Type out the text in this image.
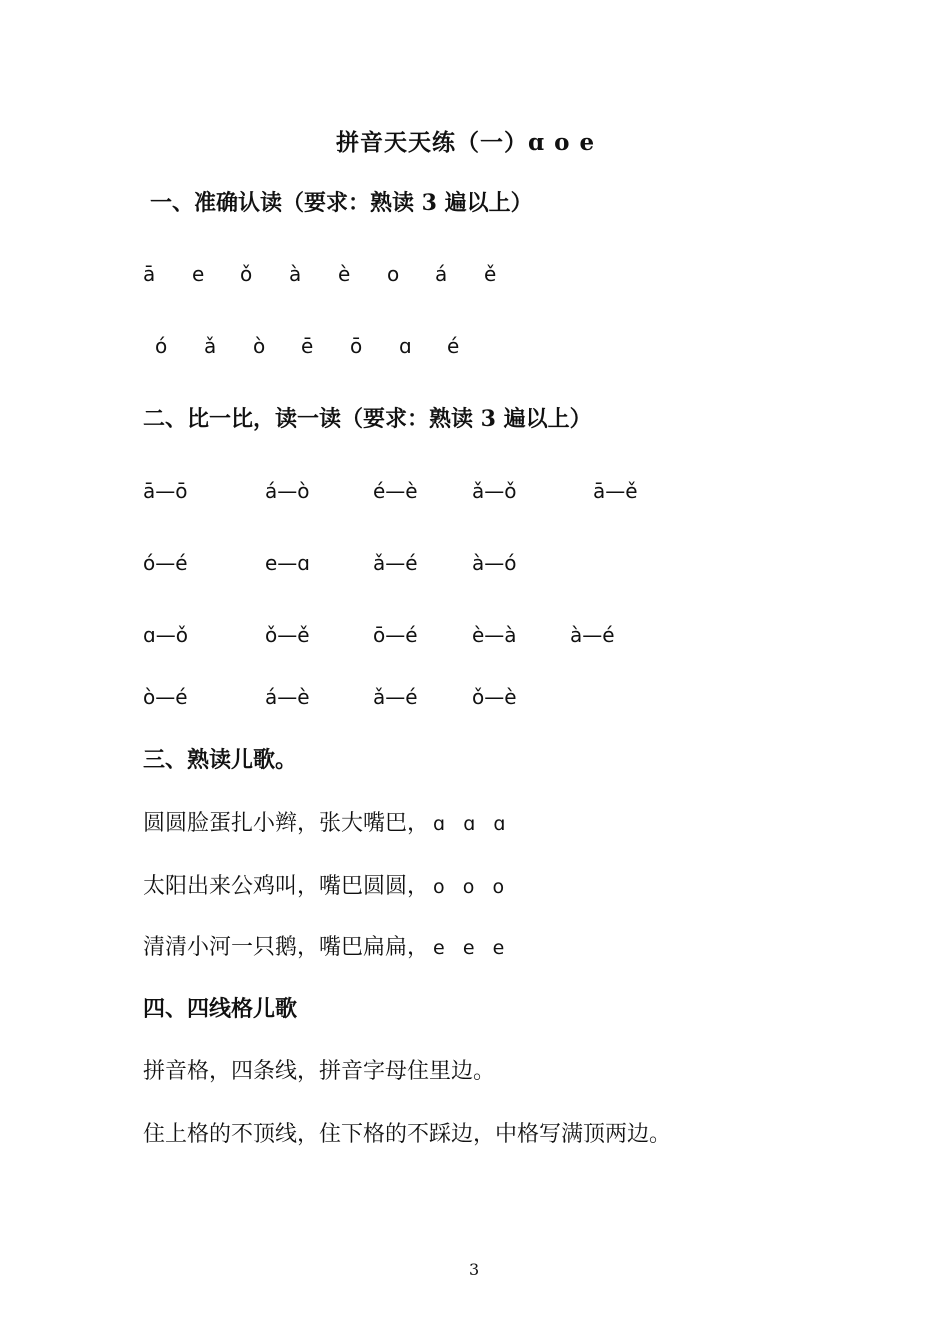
拼音天天练（一）ɑ o e
一、准确认读（要求：熟读 3 遍以上）
ā e ǒ à è o á ě
ó ǎ ò ē ō ɑ é
二、比一比，读一读（要求：熟读 3 遍以上）
ā—ō	á—ò	é—è	ǎ—ǒ	ā—ě
ó—é	e—ɑ	ǎ—é	à—ó
ɑ—ǒ	ǒ—ě	ō—é	è—à	à—é
ò—é	á—è	ǎ—é	ǒ—è
三、熟读儿歌。
圆圆脸蛋扎小辫，张大嘴巴， ɑ   ɑ   ɑ
太阳出来公鸡叫，嘴巴圆圆， o   o   o
清清小河一只鹅，嘴巴扁扁， e   e   e
四、四线格儿歌
拼音格，四条线，拼音字母住里边。
住上格的不顶线，住下格的不踩边，中格写满顶两边。
3
